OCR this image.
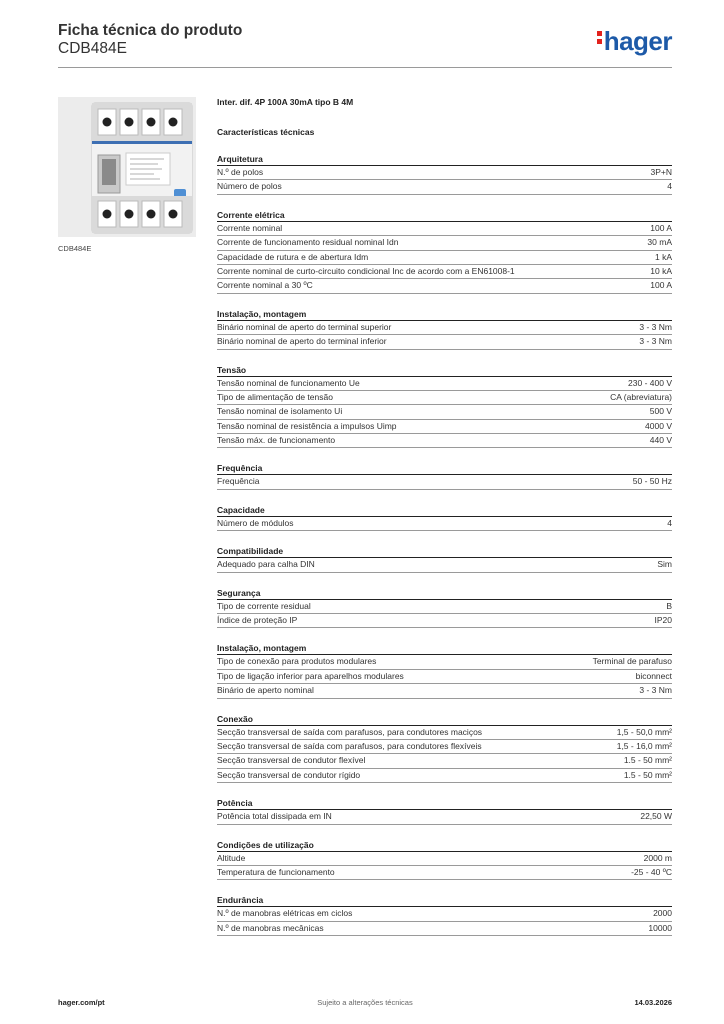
Ficha técnica do produto
CDB484E	hager
CDB484E
Inter. dif. 4P 100A 30mA tipo B 4M
Características técnicas
Arquitetura
N.º de polos	3P+N
Número de polos	4
Corrente elétrica
Corrente nominal	100 A
Corrente de funcionamento residual nominal Idn	30 mA
Capacidade de rutura e de abertura Idm	1 kA
Corrente nominal de curto-circuito condicional Inc de acordo com a EN61008-1	10 kA
Corrente nominal a 30 ºC	100 A
Instalação, montagem
Binário nominal de aperto do terminal superior	3 - 3 Nm
Binário nominal de aperto do terminal inferior	3 - 3 Nm
Tensão
Tensão nominal de funcionamento Ue	230 - 400 V
Tipo de alimentação de tensão	CA (abreviatura)
Tensão nominal de isolamento Ui	500 V
Tensão nominal de resistência a impulsos Uimp	4000 V
Tensão máx. de funcionamento	440 V
Frequência
Frequência	50 - 50 Hz
Capacidade
Número de módulos	4
Compatibilidade
Adequado para calha DIN	Sim
Segurança
Tipo de corrente residual	B
Índice de proteção IP	IP20
Instalação, montagem
Tipo de conexão para produtos modulares	Terminal de parafuso
Tipo de ligação inferior para aparelhos modulares	biconnect
Binário de aperto nominal	3 - 3 Nm
Conexão
Secção transversal de saída com parafusos, para condutores maciços	1,5 - 50,0 mm²
Secção transversal de saída com parafusos, para condutores flexíveis	1,5 - 16,0 mm²
Secção transversal de condutor flexível	1.5 - 50 mm²
Secção transversal de condutor rígido	1.5 - 50 mm²
Potência
Potência total dissipada em IN	22,50 W
Condições de utilização
Altitude	2000 m
Temperatura de funcionamento	-25 - 40 ºC
Endurância
N.º de manobras elétricas em ciclos	2000
N.º de manobras mecânicas	10000
hager.com/pt	Sujeito a alterações técnicas	14.03.2026
